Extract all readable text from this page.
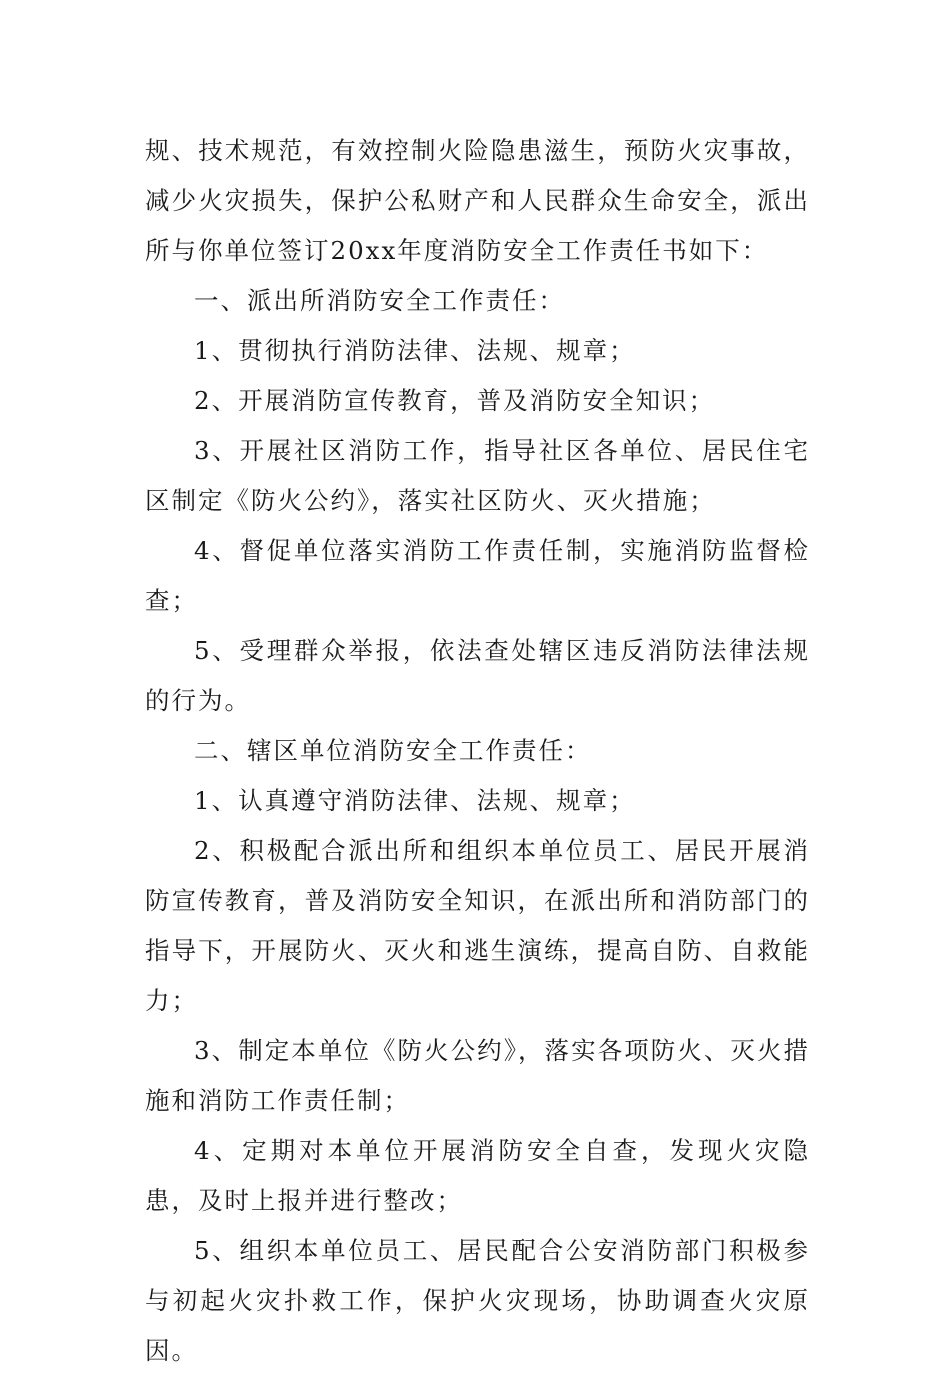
规、技术规范，有效控制火险隐患滋生，预防火灾事故，减少火灾损失，保护公私财产和人民群众生命安全，派出所与你单位签订20xx年度消防安全工作责任书如下：

一、派出所消防安全工作责任：

1、贯彻执行消防法律、法规、规章；

2、开展消防宣传教育，普及消防安全知识；

3、开展社区消防工作，指导社区各单位、居民住宅区制定《防火公约》，落实社区防火、灭火措施；

4、督促单位落实消防工作责任制，实施消防监督检查；

5、受理群众举报，依法查处辖区违反消防法律法规的行为。

二、辖区单位消防安全工作责任：

1、认真遵守消防法律、法规、规章；

2、积极配合派出所和组织本单位员工、居民开展消防宣传教育，普及消防安全知识，在派出所和消防部门的指导下，开展防火、灭火和逃生演练，提高自防、自救能力；

3、制定本单位《防火公约》，落实各项防火、灭火措施和消防工作责任制；

4、定期对本单位开展消防安全自查，发现火灾隐患，及时上报并进行整改；

5、组织本单位员工、居民配合公安消防部门积极参与初起火灾扑救工作，保护火灾现场，协助调查火灾原因。
